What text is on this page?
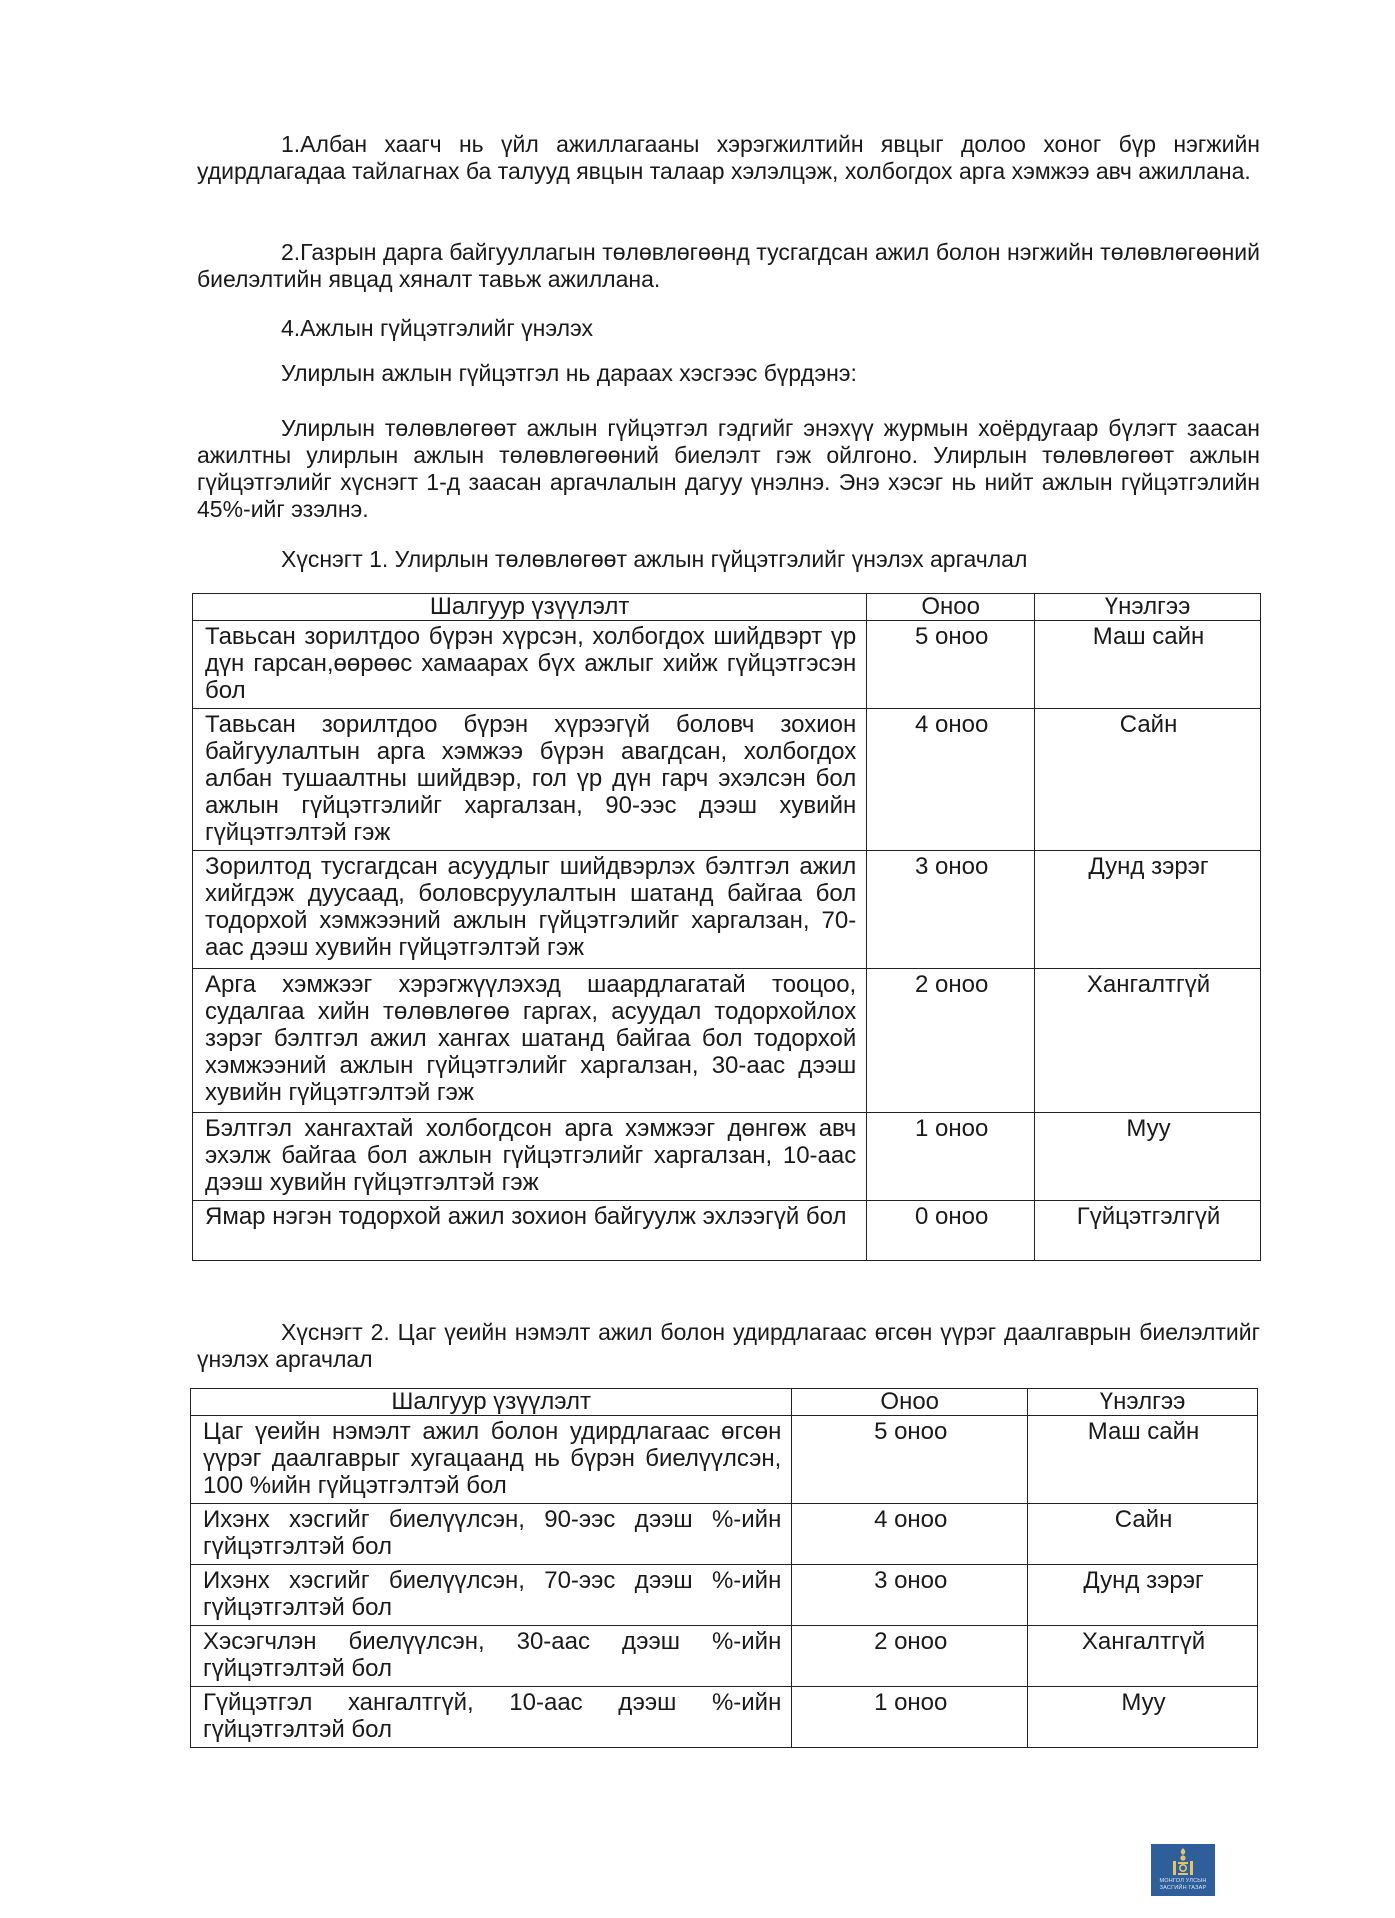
1.Албан хаагч нь үйл ажиллагааны хэрэгжилтийн явцыг долоо хоног бүр нэгжийн удирдлагадаа тайлагнах ба талууд явцын талаар хэлэлцэж, холбогдох арга хэмжээ авч ажиллана.

2.Газрын дарга байгууллагын төлөвлөгөөнд тусгагдсан ажил болон нэгжийн төлөвлөгөөний биелэлтийн явцад хяналт тавьж ажиллана.

4.Ажлын гүйцэтгэлийг үнэлэх

Улирлын ажлын гүйцэтгэл нь дараах хэсгээс бүрдэнэ:

Улирлын төлөвлөгөөт ажлын гүйцэтгэл гэдгийг энэхүү журмын хоёрдугаар бүлэгт заасан ажилтны улирлын ажлын төлөвлөгөөний биелэлт гэж ойлгоно. Улирлын төлөвлөгөөт ажлын гүйцэтгэлийг хүснэгт 1-д заасан аргачлалын дагуу үнэлнэ. Энэ хэсэг нь нийт ажлын гүйцэтгэлийн 45%-ийг эзэлнэ.

Хүснэгт 1. Улирлын төлөвлөгөөт ажлын гүйцэтгэлийг үнэлэх аргачлал

Шалгуур үзүүлэлт	Оноо	Үнэлгээ
Тавьсан зорилтдоо бүрэн хүрсэн, холбогдох шийдвэрт үр дүн гарсан,өөрөөс хамаарах бүх ажлыг хийж гүйцэтгэсэн бол	5 оноо	Маш сайн
Тавьсан зорилтдоо бүрэн хүрээгүй боловч зохион байгуулалтын арга хэмжээ бүрэн авагдсан, холбогдох албан тушаалтны шийдвэр, гол үр дүн гарч эхэлсэн бол ажлын гүйцэтгэлийг харгалзан, 90-ээс дээш хувийн гүйцэтгэлтэй гэж	4 оноо	Сайн
Зорилтод тусгагдсан асуудлыг шийдвэрлэх бэлтгэл ажил хийгдэж дуусаад, боловсруулалтын шатанд байгаа бол тодорхой хэмжээний ажлын гүйцэтгэлийг харгалзан, 70-аас дээш хувийн гүйцэтгэлтэй гэж	3 оноо	Дунд зэрэг
Арга хэмжээг хэрэгжүүлэхэд шаардлагатай тооцоо, судалгаа хийн төлөвлөгөө гаргах, асуудал тодорхойлох зэрэг бэлтгэл ажил хангах шатанд байгаа бол тодорхой хэмжээний ажлын гүйцэтгэлийг харгалзан, 30-аас дээш хувийн гүйцэтгэлтэй гэж	2 оноо	Хангалтгүй
Бэлтгэл хангахтай холбогдсон арга хэмжээг дөнгөж авч эхэлж байгаа бол ажлын гүйцэтгэлийг харгалзан, 10-аас дээш хувийн гүйцэтгэлтэй гэж	1 оноо	Муу
Ямар нэгэн тодорхой ажил зохион байгуулж эхлээгүй бол	0 оноо	Гүйцэтгэлгүй

Хүснэгт 2. Цаг үеийн нэмэлт ажил болон удирдлагаас өгсөн үүрэг даалгаврын биелэлтийг үнэлэх аргачлал

Шалгуур үзүүлэлт	Оноо	Үнэлгээ
Цаг үеийн нэмэлт ажил болон удирдлагаас өгсөн үүрэг даалгаврыг хугацаанд нь бүрэн биелүүлсэн, 100 %ийн гүйцэтгэлтэй бол	5 оноо	Маш сайн
Ихэнх хэсгийг биелүүлсэн, 90-ээс дээш %-ийн гүйцэтгэлтэй бол	4 оноо	Сайн
Ихэнх хэсгийг биелүүлсэн, 70-ээс дээш %-ийн гүйцэтгэлтэй бол	3 оноо	Дунд зэрэг
Хэсэгчлэн биелүүлсэн, 30-аас дээш %-ийн гүйцэтгэлтэй бол	2 оноо	Хангалтгүй
Гүйцэтгэл хангалтгүй, 10-аас дээш %-ийн гүйцэтгэлтэй бол	1 оноо	Муу
МОНГОЛ УЛСЫН
ЗАСГИЙН ГАЗАР
